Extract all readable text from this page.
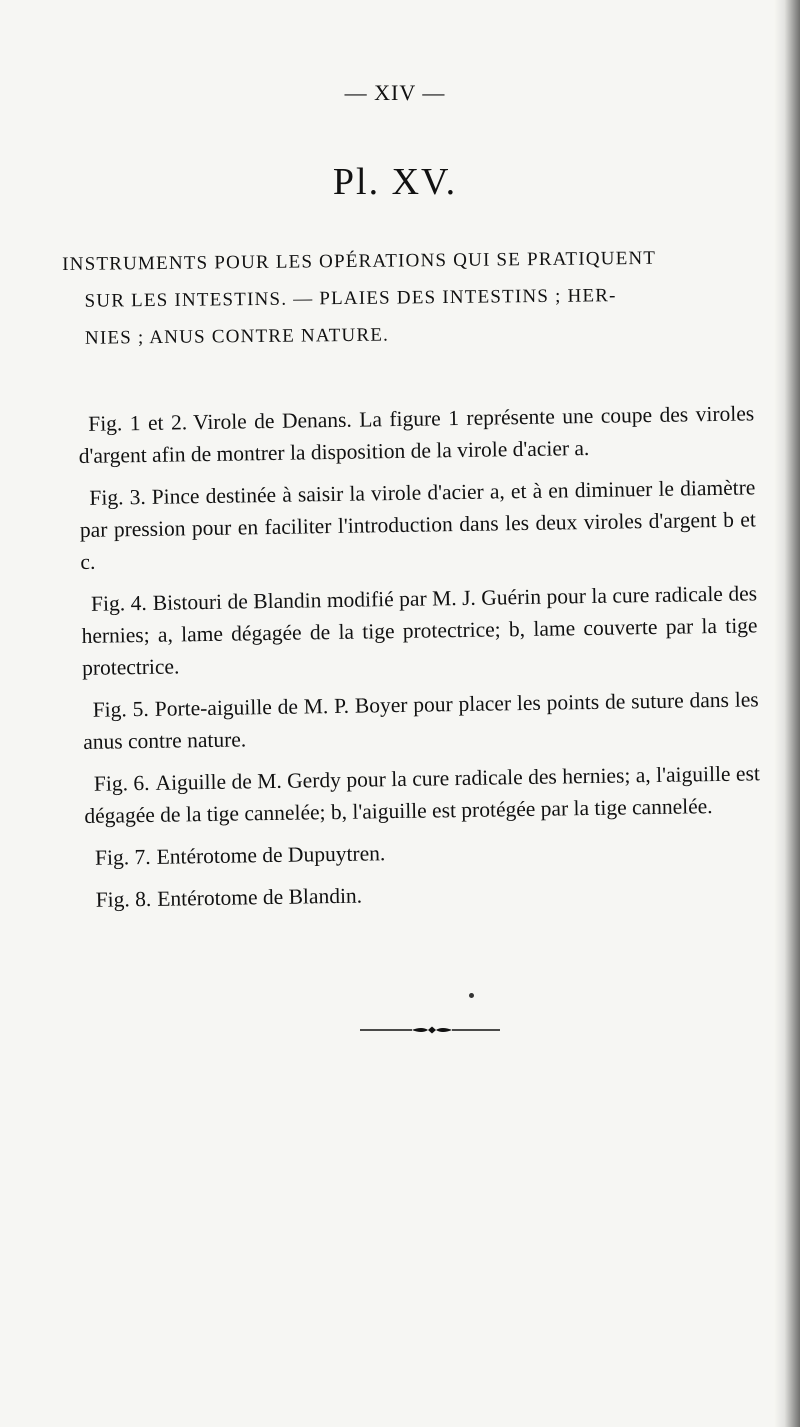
— XIV —
Pl. XV.
INSTRUMENTS POUR LES OPÉRATIONS QUI SE PRATIQUENT
SUR LES INTESTINS. — PLAIES DES INTESTINS ; HER-
NIES ; ANUS CONTRE NATURE.

Fig. 1 et 2. Virole de Denans. La figure 1 représente une coupe des viroles d'argent afin de montrer la disposition de la virole d'acier a.

Fig. 3. Pince destinée à saisir la virole d'acier a, et à en diminuer le diamètre par pression pour en faciliter l'introduction dans les deux viroles d'argent b et c.

Fig. 4. Bistouri de Blandin modifié par M. J. Guérin pour la cure radicale des hernies; a, lame dégagée de la tige protectrice; b, lame couverte par la tige protectrice.

Fig. 5. Porte-aiguille de M. P. Boyer pour placer les points de suture dans les anus contre nature.

Fig. 6. Aiguille de M. Gerdy pour la cure radicale des hernies; a, l'aiguille est dégagée de la tige cannelée; b, l'aiguille est protégée par la tige cannelée.

Fig. 7. Entérotome de Dupuytren.

Fig. 8. Entérotome de Blandin.
